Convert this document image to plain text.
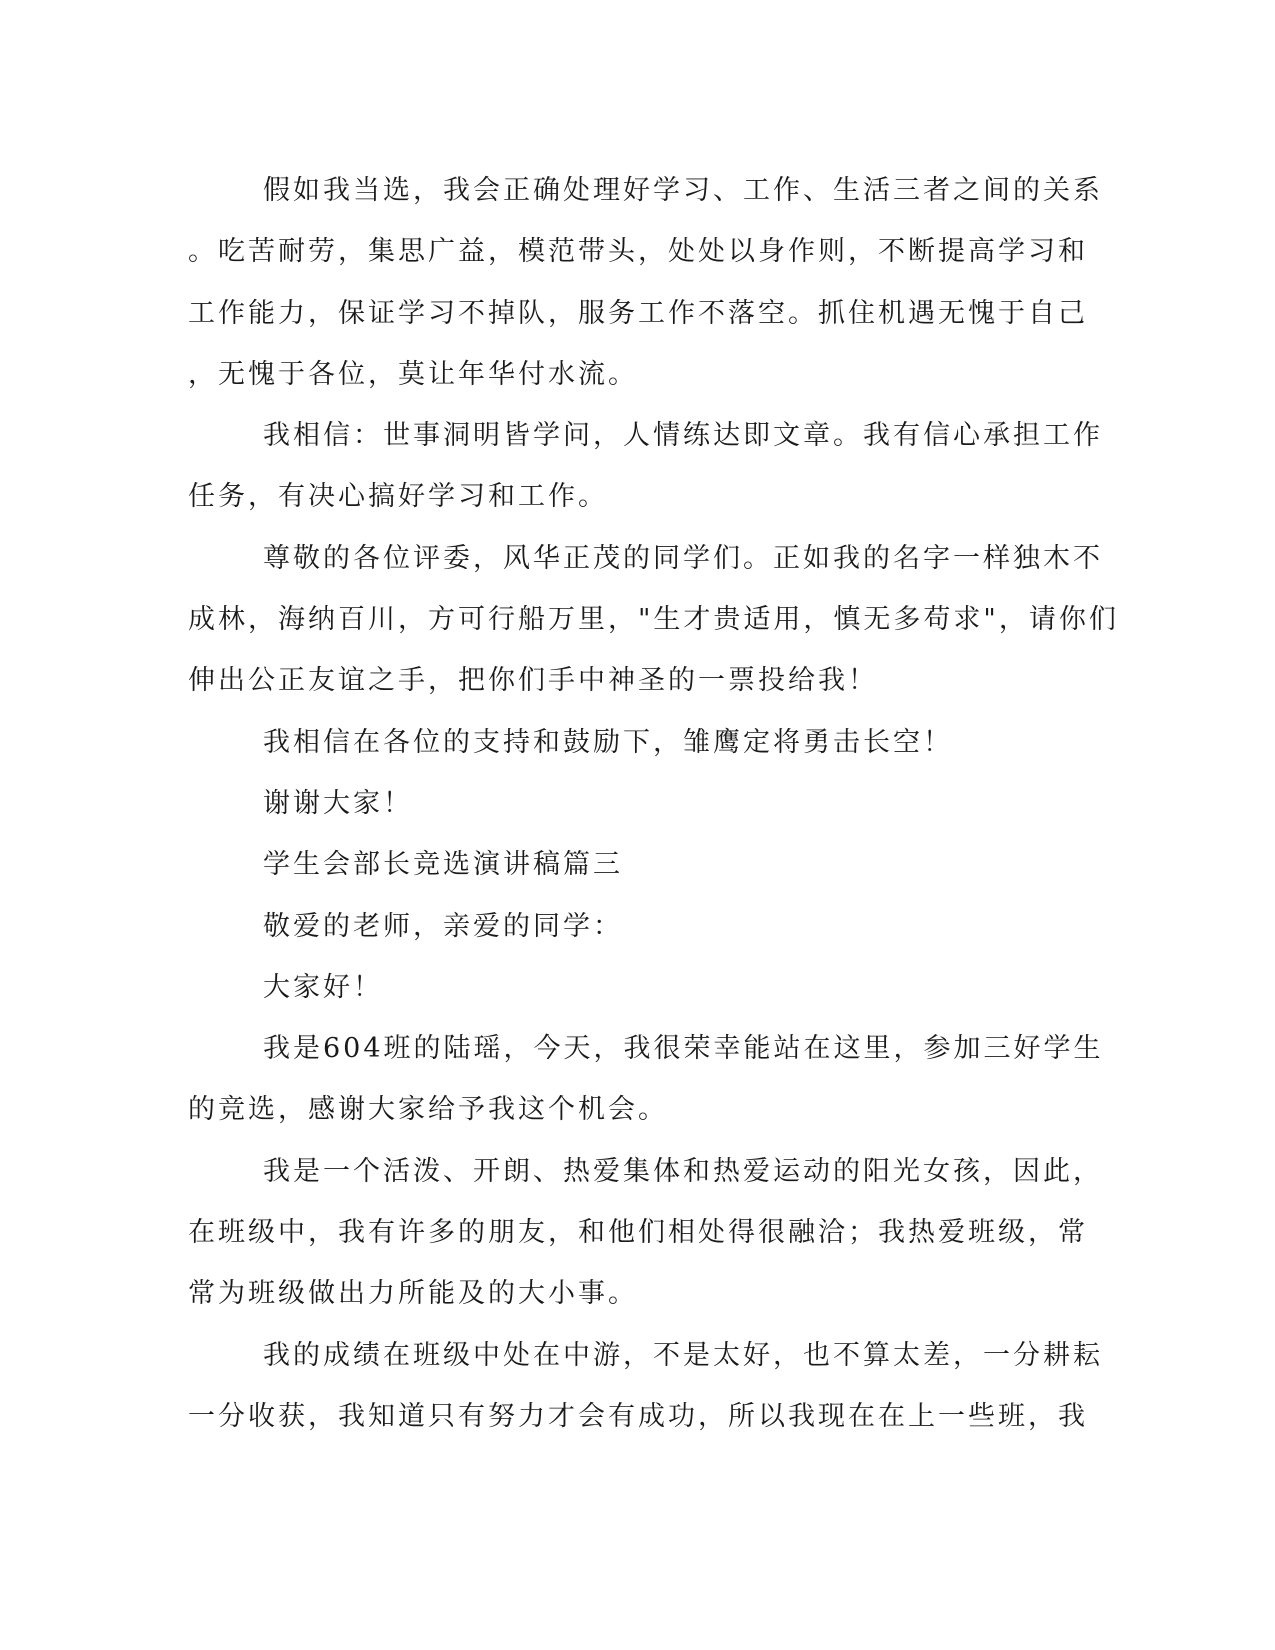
假如我当选，我会正确处理好学习、工作、生活三者之间的关系
。吃苦耐劳，集思广益，模范带头，处处以身作则，不断提高学习和
工作能力，保证学习不掉队，服务工作不落空。抓住机遇无愧于自己
，无愧于各位，莫让年华付水流。
我相信：世事洞明皆学问，人情练达即文章。我有信心承担工作
任务，有决心搞好学习和工作。
尊敬的各位评委，风华正茂的同学们。正如我的名字一样独木不
成林，海纳百川，方可行船万里，"生才贵适用，慎无多苟求"，请你们
伸出公正友谊之手，把你们手中神圣的一票投给我！
我相信在各位的支持和鼓励下，雏鹰定将勇击长空！
谢谢大家！
学生会部长竞选演讲稿篇三
敬爱的老师，亲爱的同学：
大家好！
我是604班的陆瑶，今天，我很荣幸能站在这里，参加三好学生
的竞选，感谢大家给予我这个机会。
我是一个活泼、开朗、热爱集体和热爱运动的阳光女孩，因此，
在班级中，我有许多的朋友，和他们相处得很融洽；我热爱班级，常
常为班级做出力所能及的大小事。
我的成绩在班级中处在中游，不是太好，也不算太差，一分耕耘
一分收获，我知道只有努力才会有成功，所以我现在在上一些班，我
